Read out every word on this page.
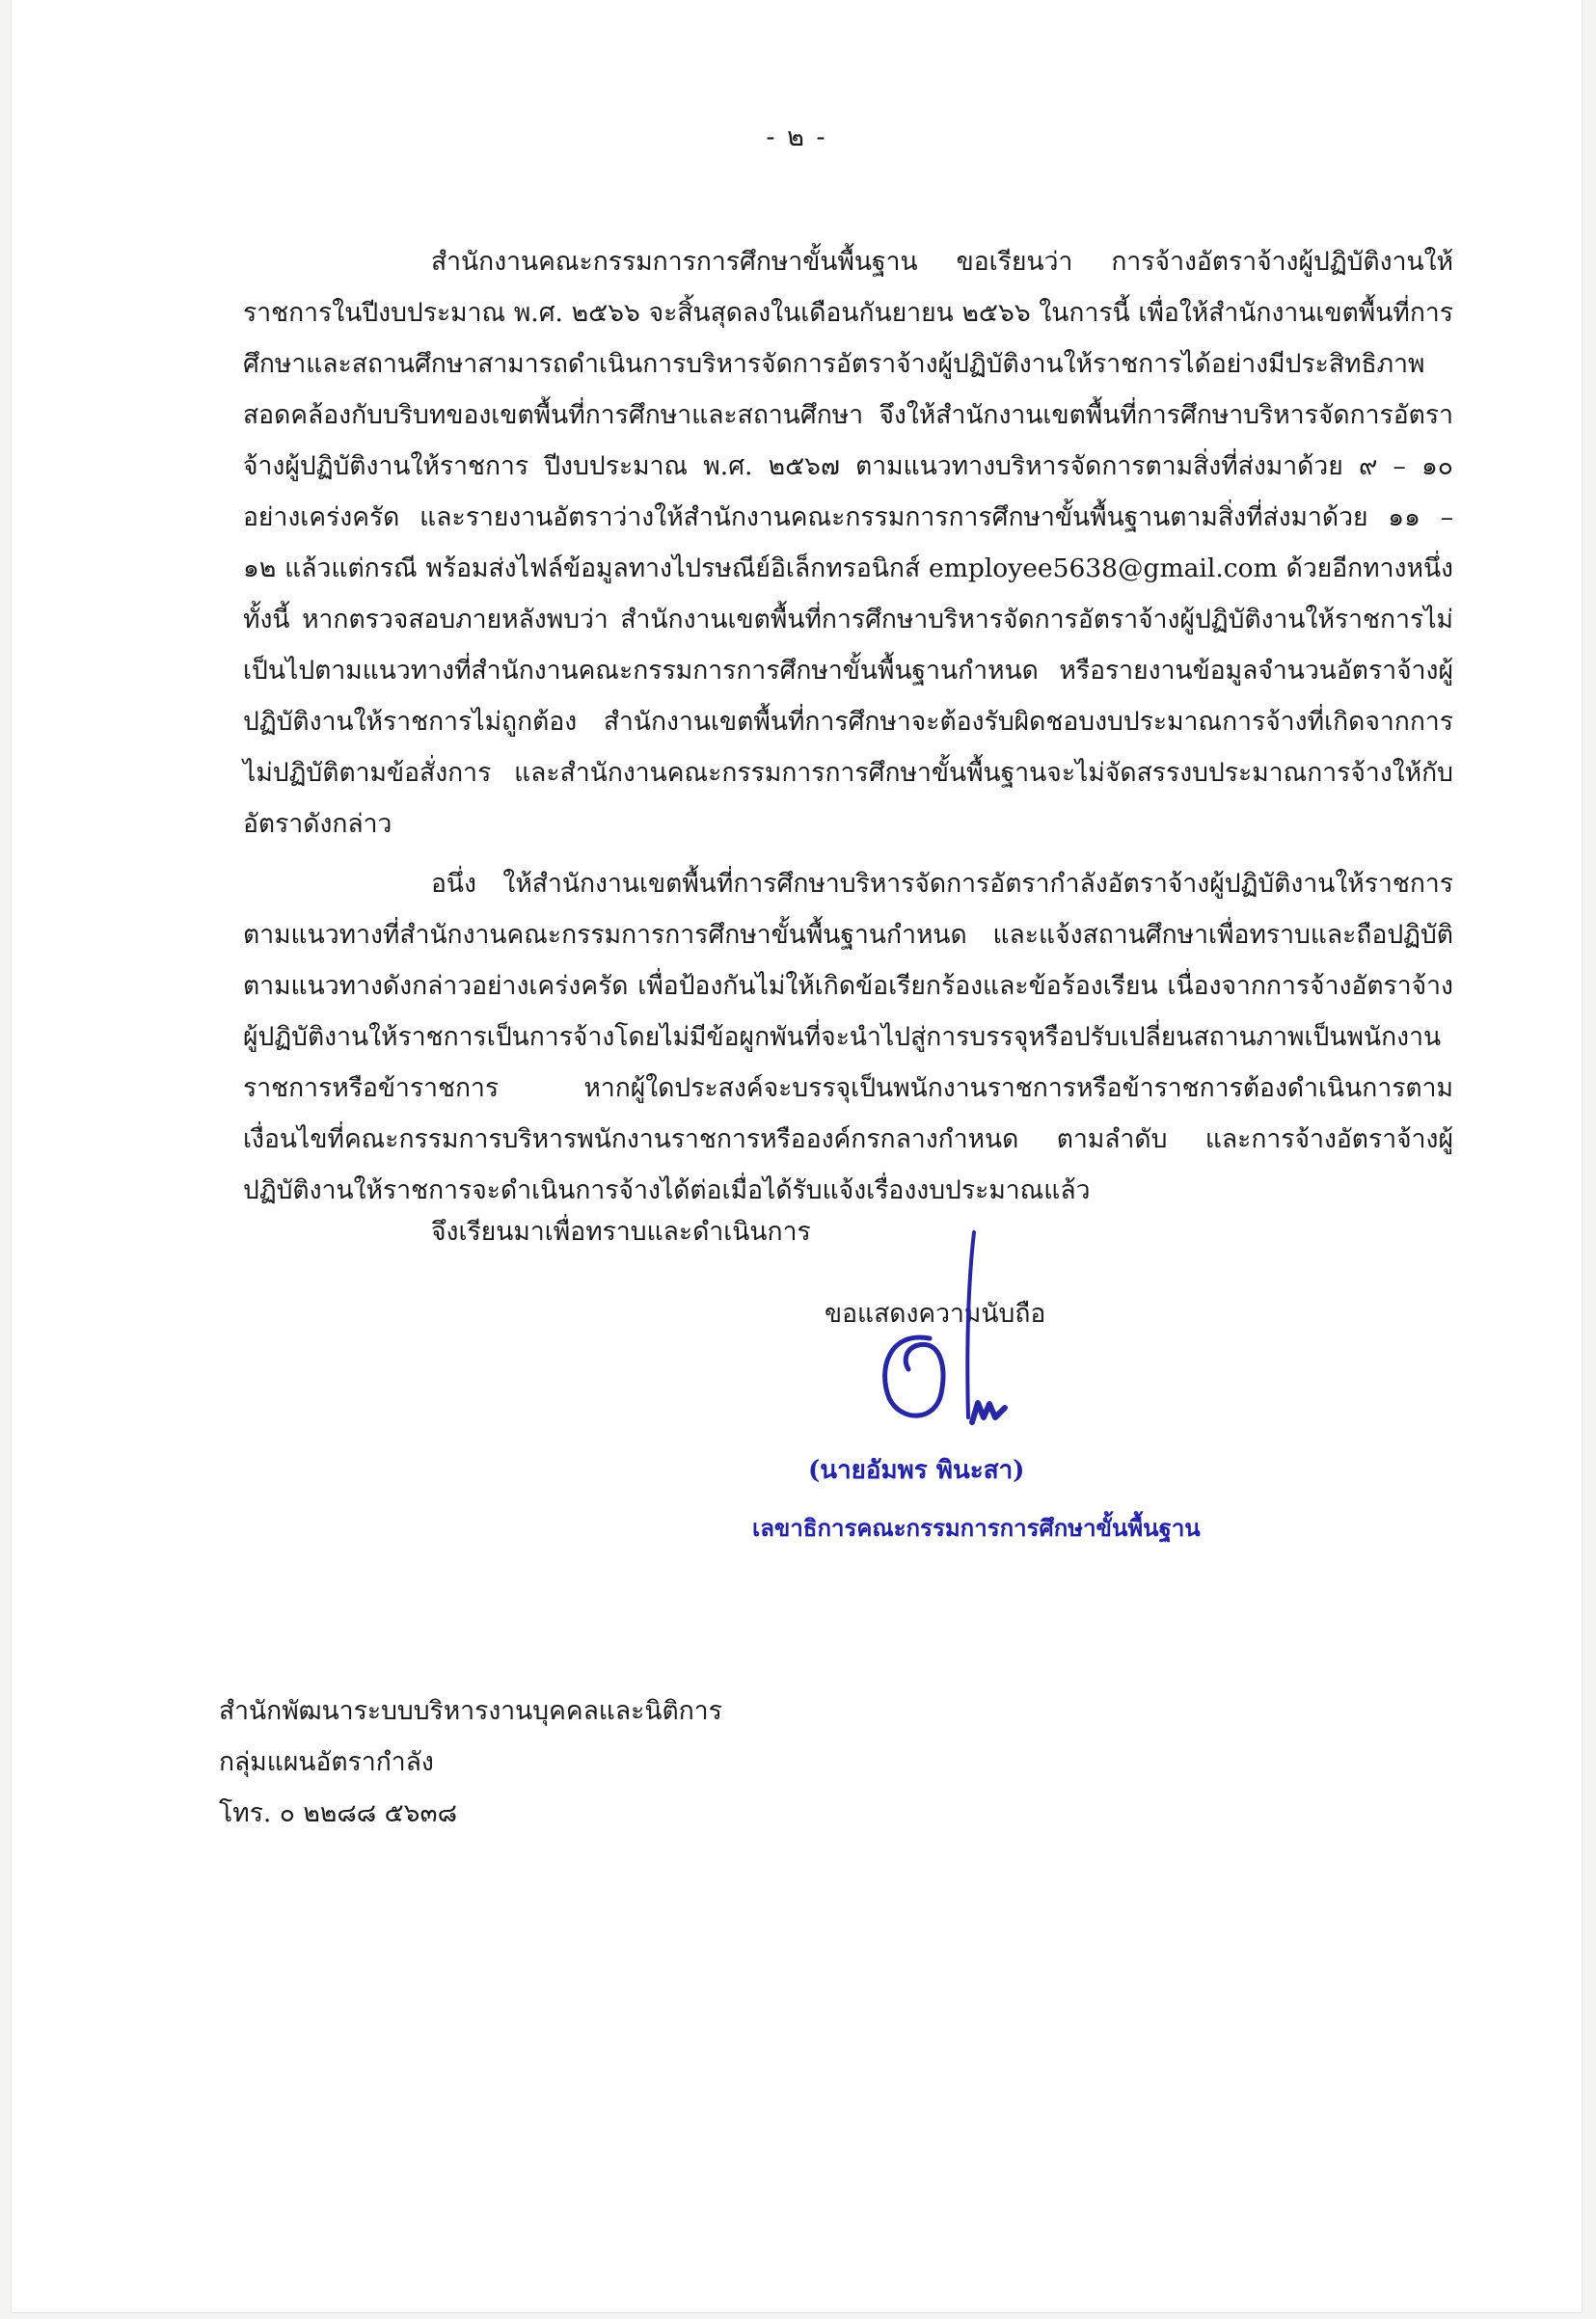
- ๒ -

สำนักงานคณะกรรมการการศึกษาขั้นพื้นฐาน ขอเรียนว่า การจ้างอัตราจ้างผู้ปฏิบัติงานให้ราชการในปีงบประมาณ พ.ศ. ๒๕๖๖ จะสิ้นสุดลงในเดือนกันยายน ๒๕๖๖ ในการนี้ เพื่อให้สำนักงานเขตพื้นที่การศึกษาและสถานศึกษาสามารถดำเนินการบริหารจัดการอัตราจ้างผู้ปฏิบัติงานให้ราชการได้อย่างมีประสิทธิภาพ สอดคล้องกับบริบทของเขตพื้นที่การศึกษาและสถานศึกษา จึงให้สำนักงานเขตพื้นที่การศึกษาบริหารจัดการอัตราจ้างผู้ปฏิบัติงานให้ราชการ ปีงบประมาณ พ.ศ. ๒๕๖๗ ตามแนวทางบริหารจัดการตามสิ่งที่ส่งมาด้วย ๙ – ๑๐ อย่างเคร่งครัด และรายงานอัตราว่างให้สำนักงานคณะกรรมการการศึกษาขั้นพื้นฐานตามสิ่งที่ส่งมาด้วย ๑๑ – ๑๒ แล้วแต่กรณี พร้อมส่งไฟล์ข้อมูลทางไปรษณีย์อิเล็กทรอนิกส์ employee5638@gmail.com ด้วยอีกทางหนึ่ง ทั้งนี้ หากตรวจสอบภายหลังพบว่า สำนักงานเขตพื้นที่การศึกษาบริหารจัดการอัตราจ้างผู้ปฏิบัติงานให้ราชการไม่เป็นไปตามแนวทางที่สำนักงานคณะกรรมการการศึกษาขั้นพื้นฐานกำหนด หรือรายงานข้อมูลจำนวนอัตราจ้างผู้ปฏิบัติงานให้ราชการไม่ถูกต้อง สำนักงานเขตพื้นที่การศึกษาจะต้องรับผิดชอบงบประมาณการจ้างที่เกิดจากการไม่ปฏิบัติตามข้อสั่งการ และสำนักงานคณะกรรมการการศึกษาขั้นพื้นฐานจะไม่จัดสรรงบประมาณการจ้างให้กับอัตราดังกล่าว

อนึ่ง ให้สำนักงานเขตพื้นที่การศึกษาบริหารจัดการอัตรากำลังอัตราจ้างผู้ปฏิบัติงานให้ราชการตามแนวทางที่สำนักงานคณะกรรมการการศึกษาขั้นพื้นฐานกำหนด และแจ้งสถานศึกษาเพื่อทราบและถือปฏิบัติตามแนวทางดังกล่าวอย่างเคร่งครัด เพื่อป้องกันไม่ให้เกิดข้อเรียกร้องและข้อร้องเรียน เนื่องจากการจ้างอัตราจ้างผู้ปฏิบัติงานให้ราชการเป็นการจ้างโดยไม่มีข้อผูกพันที่จะนำไปสู่การบรรจุหรือปรับเปลี่ยนสถานภาพเป็นพนักงานราชการหรือข้าราชการ หากผู้ใดประสงค์จะบรรจุเป็นพนักงานราชการหรือข้าราชการต้องดำเนินการตามเงื่อนไขที่คณะกรรมการบริหารพนักงานราชการหรือองค์กรกลางกำหนด ตามลำดับ และการจ้างอัตราจ้างผู้ปฏิบัติงานให้ราชการจะดำเนินการจ้างได้ต่อเมื่อได้รับแจ้งเรื่องงบประมาณแล้ว

จึงเรียนมาเพื่อทราบและดำเนินการ
ขอแสดงความนับถือ
(นายอัมพร พินะสา)
เลขาธิการคณะกรรมการการศึกษาขั้นพื้นฐาน
สำนักพัฒนาระบบบริหารงานบุคคลและนิติการ
กลุ่มแผนอัตรากำลัง
โทร. ๐ ๒๒๘๘ ๕๖๓๘
